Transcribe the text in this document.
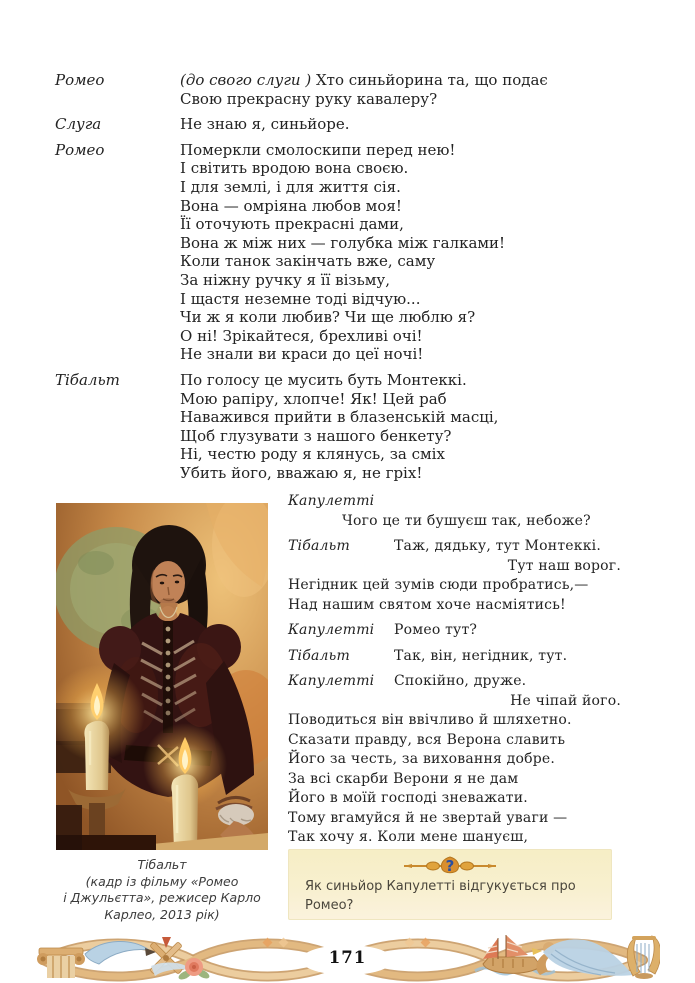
Ромео	(до свого слуги ) Хто синьйорина та, що подає
Свою прекрасну руку кавалеру?
Слуга	Не знаю я, синьйоре.
Ромео	Померкли смолоскипи перед нею!
І світить вродою вона своєю.
І для землі, і для життя сія.
Вона — омріяна любов моя!
Її оточують прекрасні дами,
Вона ж між них — голубка між галками!
Коли танок закінчать вже, саму
За ніжну ручку я її візьму,
І щастя неземне тоді відчую...
Чи ж я коли любив? Чи ще люблю я?
О ні! Зрікайтеся, брехливі очі!
Не знали ви краси до цеї ночі!
Тібальт	По голосу це мусить буть Монтеккі.
Мою рапіру, хлопче! Як! Цей раб
Наважився прийти в блазенській масці,
Щоб глузувати з нашого бенкету?
Ні, честю роду я клянусь, за сміх
Убить його, вважаю я, не гріх!
Тібальт
(кадр із фільму «Ромео
і Джульєтта», режисер Карло
Карлео, 2013 рік)
Капулетті
Чого це ти бушуєш так, небоже?
Тібальт	Таж, дядьку, тут Монтеккі.
Тут наш ворог.
Негідник цей зумів сюди пробратись,—
Над нашим святом хоче насміятись!
Капулетті Ромео тут?
Тібальт	Так, він, негідник, тут.
Капулетті Спокійно, друже.
Не чіпай його.
Поводиться він ввічливо й шляхетно.
Сказати правду, вся Верона славить
Його за честь, за виховання добре.
За всі скарби Верони я не дам
Його в моїй господі зневажати.
Тому вгамуйся й не звертай уваги —
Так хочу я. Коли мене шануєш,
?
Як синьйор Капулетті відгукується про Ромео?
171
